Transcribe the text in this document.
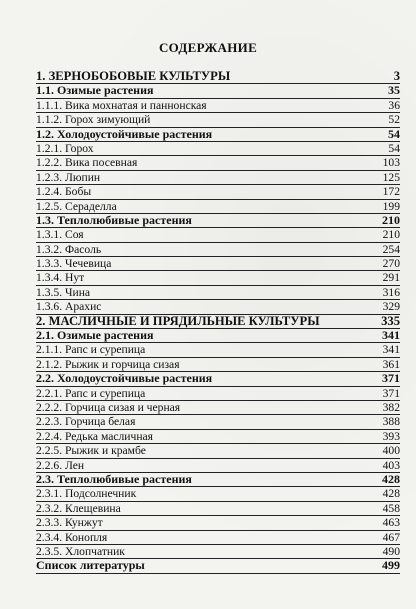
СОДЕРЖАНИЕ
1. ЗЕРНОБОБОВЫЕ КУЛЬТУРЫ	3
1.1. Озимые растения	35
1.1.1. Вика мохнатая и паннонская	36
1.1.2. Горох зимующий	52
1.2. Холодоустойчивые растения	54
1.2.1. Горох	54
1.2.2. Вика посевная	103
1.2.3. Люпин	125
1.2.4. Бобы	172
1.2.5. Сераделла	199
1.3. Теплолюбивые растения	210
1.3.1. Соя	210
1.3.2. Фасоль	254
1.3.3. Чечевица	270
1.3.4. Нут	291
1.3.5. Чина	316
1.3.6. Арахис	329
2. МАСЛИЧНЫЕ И ПРЯДИЛЬНЫЕ КУЛЬТУРЫ	335
2.1. Озимые растения	341
2.1.1. Рапс и сурепица	341
2.1.2. Рыжик и горчица сизая	361
2.2. Холодоустойчивые растения	371
2.2.1. Рапс и сурепица	371
2.2.2. Горчица сизая и черная	382
2.2.3. Горчица белая	388
2.2.4. Редька масличная	393
2.2.5. Рыжик и крамбе	400
2.2.6. Лен	403
2.3. Теплолюбивые растения	428
2.3.1. Подсолнечник	428
2.3.2. Клещевина	458
2.3.3. Кунжут	463
2.3.4. Конопля	467
2.3.5. Хлопчатник	490
Список литературы	499
